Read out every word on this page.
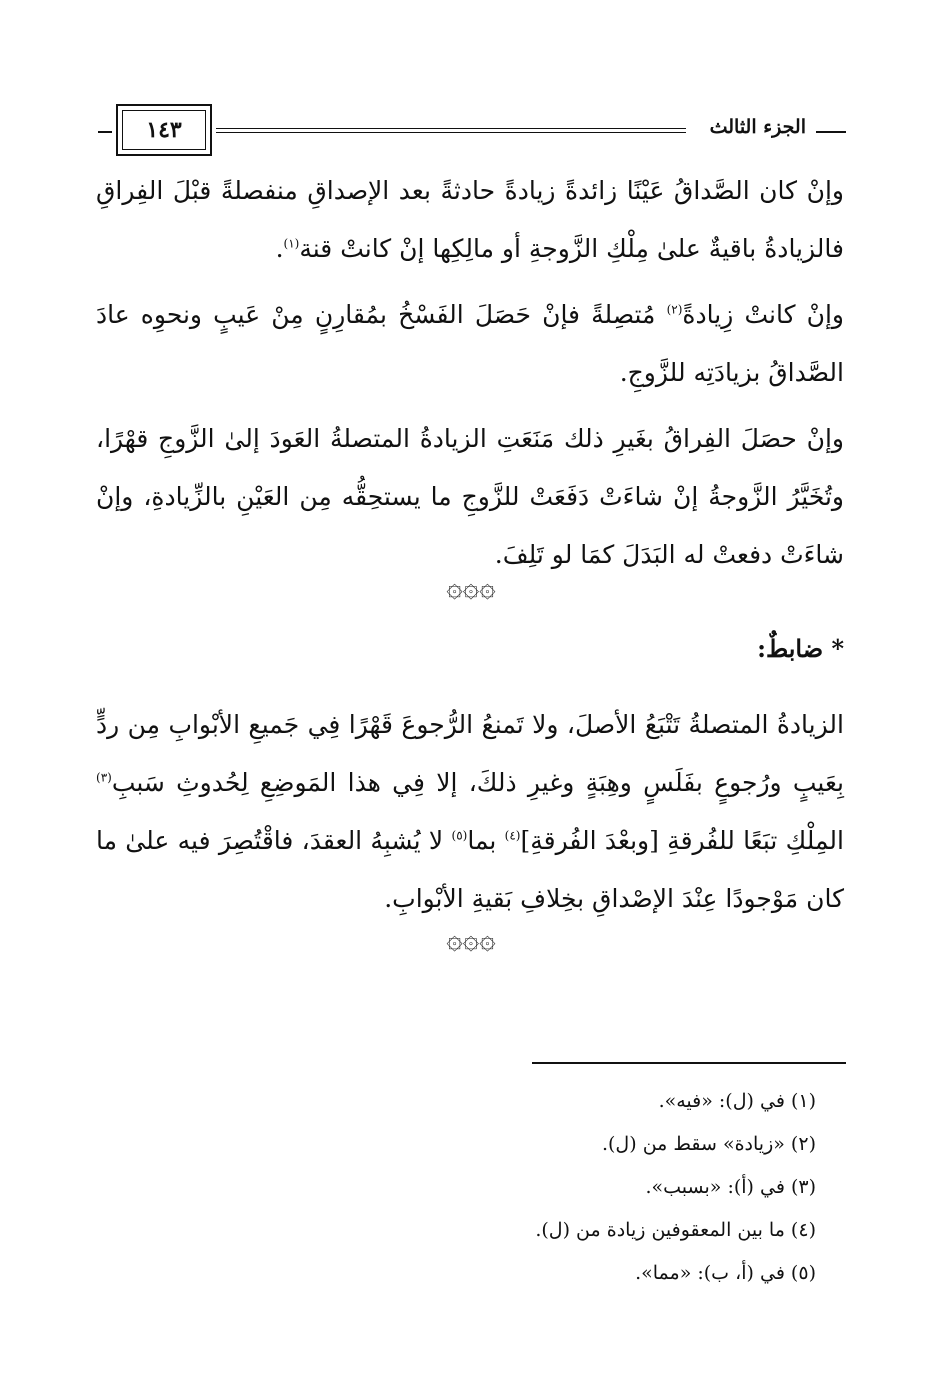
الجزء الثالث
١٤٣
وإنْ كان الصَّداقُ عَيْنًا زائدةً زيادةً حادثةً بعد الإصداقِ منفصلةً قبْلَ الفِراقِ فالزيادةُ باقيةٌ علىٰ مِلْكِ الزَّوجةِ أو مالِكِها إنْ كانتْ قنة$^{(١)}$.
وإنْ كانتْ زِيادةً$^{(٢)}$ مُتصِلةً فإنْ حَصَلَ الفَسْخُ بمُقارِنٍ مِنْ عَيبٍ ونحوِه عادَ الصَّداقُ بزيادَتِه للزَّوجِ.
وإنْ حصَلَ الفِراقُ بغَيرِ ذلك مَنَعَتِ الزيادةُ المتصلةُ العَودَ إلىٰ الزَّوجِ قهْرًا، وتُخَيَّرُ الزَّوجةُ إنْ شاءَتْ دَفَعَتْ للزَّوجِ ما يستحِقُّه مِن العَيْنِ بالزِّيادةِ، وإنْ شاءَتْ دفعتْ له البَدَلَ كمَا لو تَلِفَ.
۞۞۞
* ضابطٌ:
الزيادةُ المتصلةُ تَتْبَعُ الأصلَ، ولا تَمنعُ الرُّجوعَ قَهْرًا فِي جَميعِ الأبْوابِ مِن ردٍّ بِعَيبٍ ورُجوعٍ بفَلَسٍ وهِبَةٍ وغيرِ ذلكَ، إلا فِي هذا المَوضِعِ لِحُدوثِ سَببِ$^{(٣)}$ المِلْكِ تبَعًا للفُرقةِ [وبعْدَ الفُرقةِ]$^{(٤)}$ بما$^{(٥)}$ لا يُشبِهُ العقدَ، فاقْتُصِرَ فيه علىٰ ما كان مَوْجودًا عِنْدَ الإصْداقِ بخِلافِ بَقيةِ الأبْوابِ.
۞۞۞
(١) في (ل): «فيه».
(٢) «زيادة» سقط من (ل).
(٣) في (أ): «بسبب».
(٤) ما بين المعقوفين زيادة من (ل).
(٥) في (أ، ب): «مما».
